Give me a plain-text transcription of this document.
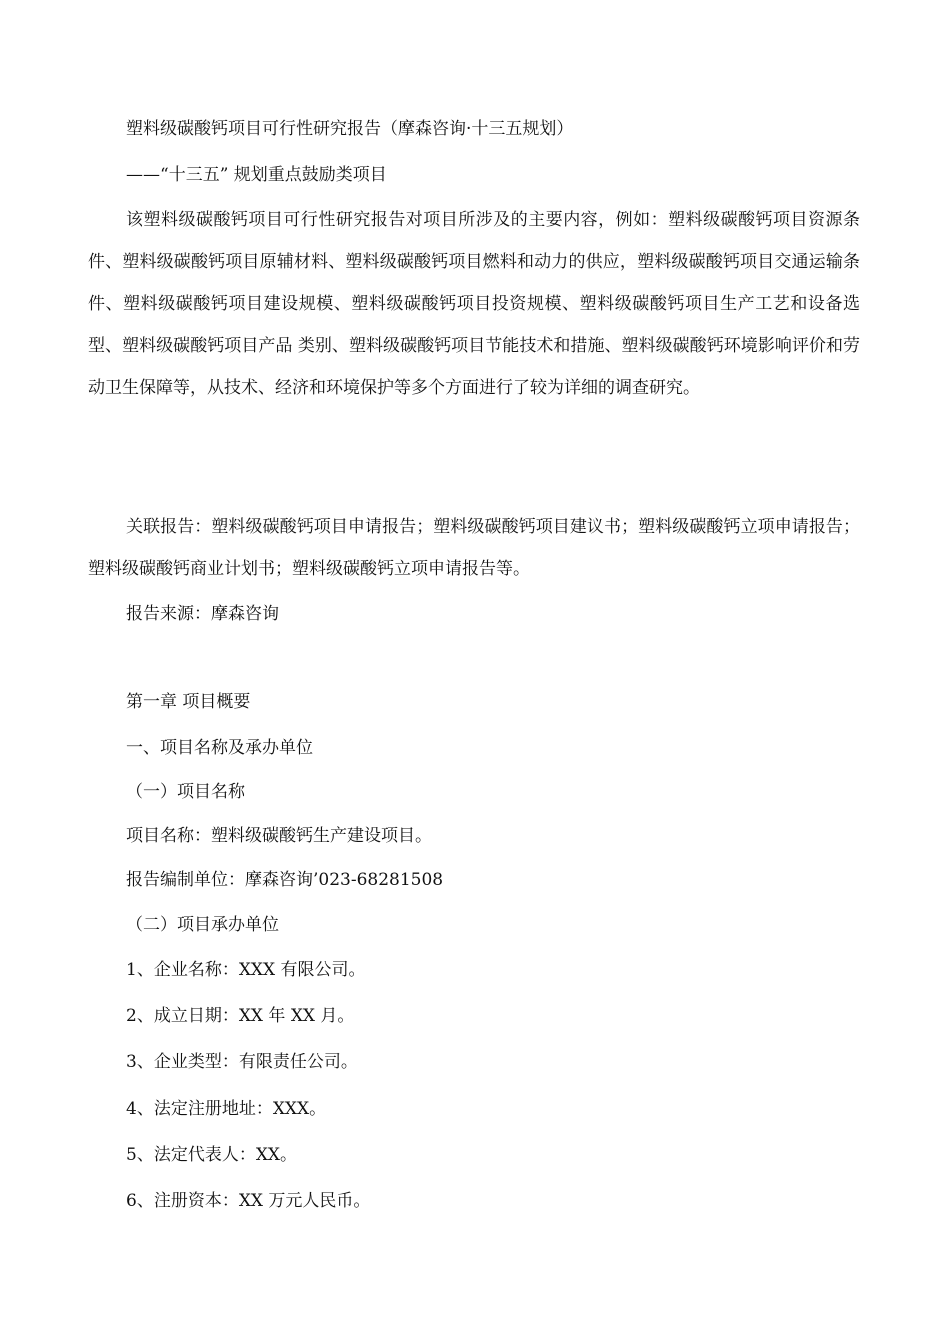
塑料级碳酸钙项目可行性研究报告（摩森咨询·十三五规划）
——“十三五” 规划重点鼓励类项目

该塑料级碳酸钙项目可行性研究报告对项目所涉及的主要内容，例如：塑料级碳酸钙项目资源条件、塑料级碳酸钙项目原辅材料、塑料级碳酸钙项目燃料和动力的供应，塑料级碳酸钙项目交通运输条件、塑料级碳酸钙项目建设规模、塑料级碳酸钙项目投资规模、塑料级碳酸钙项目生产工艺和设备选型、塑料级碳酸钙项目产品 类别、塑料级碳酸钙项目节能技术和措施、塑料级碳酸钙环境影响评价和劳动卫生保障等，从技术、经济和环境保护等多个方面进行了较为详细的调查研究。

关联报告：塑料级碳酸钙项目申请报告；塑料级碳酸钙项目建议书；塑料级碳酸钙立项申请报告；塑料级碳酸钙商业计划书；塑料级碳酸钙立项申请报告等。

报告来源：摩森咨询
第一章 项目概要
一、项目名称及承办单位
（一）项目名称
项目名称：塑料级碳酸钙生产建设项目。
报告编制单位：摩森咨询’023-68281508
（二）项目承办单位
1、企业名称：XXX 有限公司。
2、成立日期：XX 年 XX 月。
3、企业类型：有限责任公司。
4、法定注册地址：XXX。
5、法定代表人：XX。
6、注册资本：XX 万元人民币。
